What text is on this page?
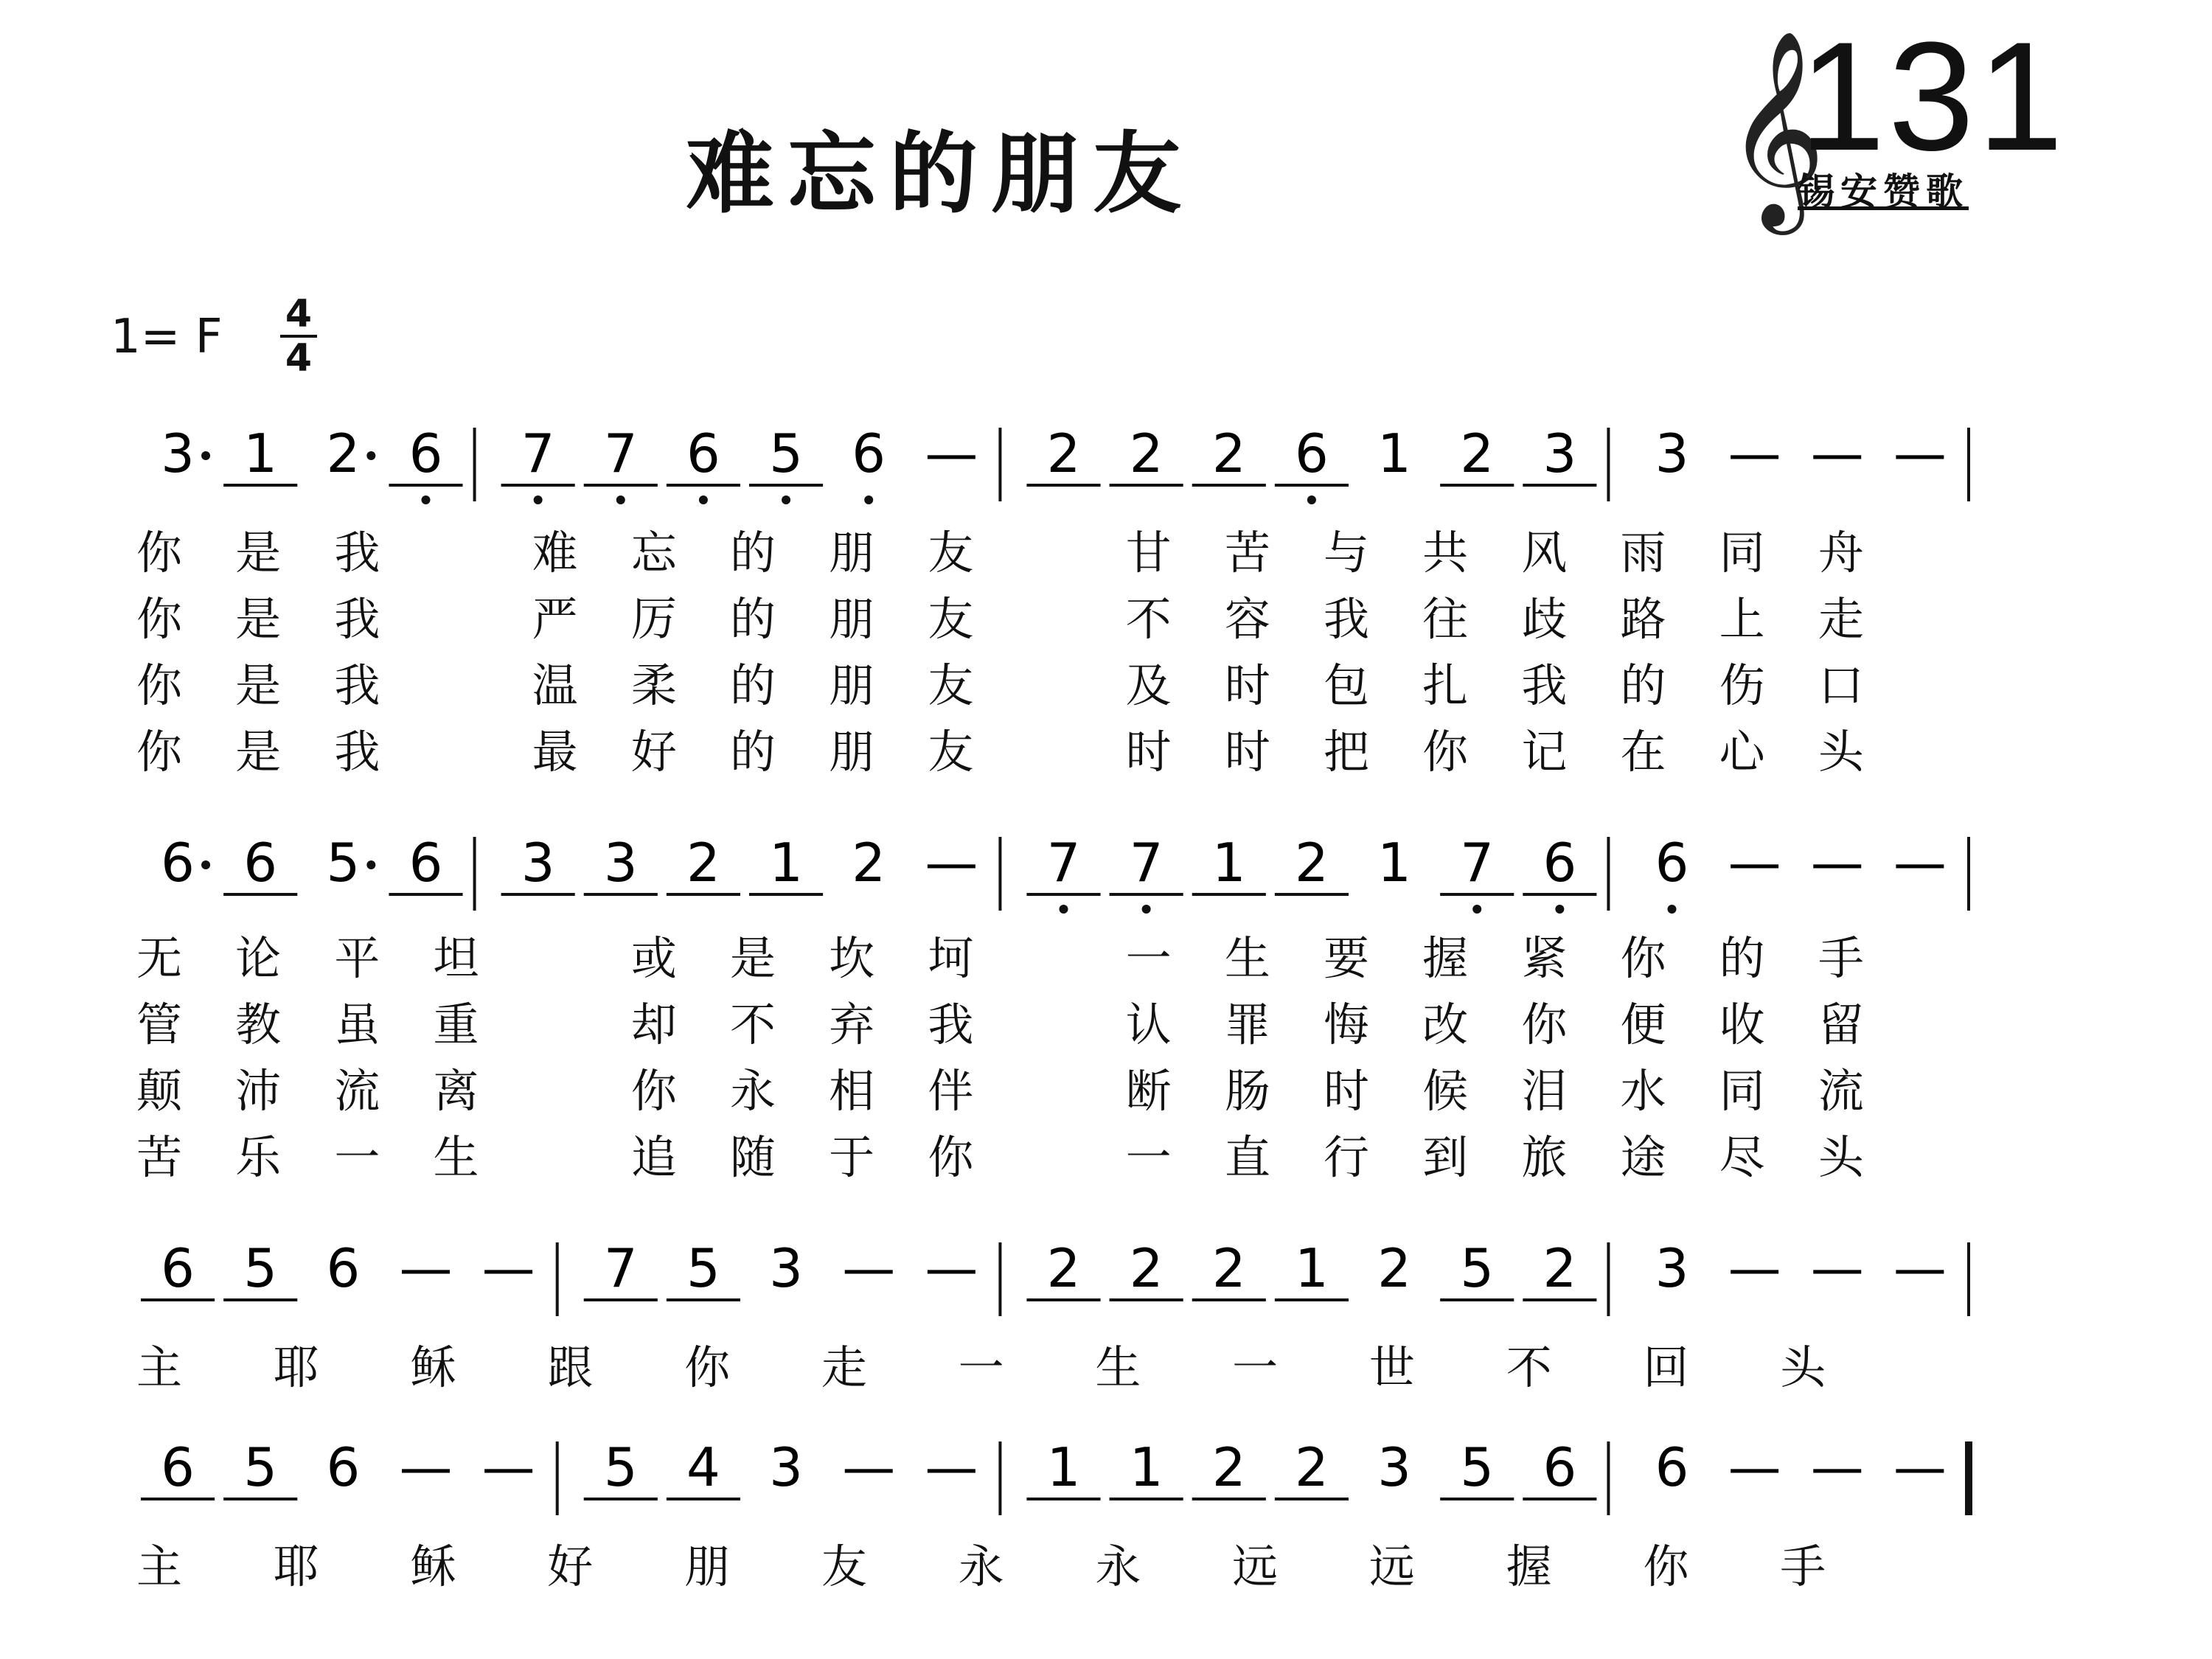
难忘的朋友	𝄞
131
锡安赞歌
1= F 4
4
3 1 2 6 7 7 6 5 6 — 2 2 2 6 1 2 3 3 — — —
6 6 5 6 3 3 2 1 2 — 7 7 1 2 1 7 6 6 — — —
6 5 6 — — 7 5 3 — — 2 2 2 1 2 5 2 3 — — —
6 5 6 — — 5 4 3 — — 1 1 2 2 3 5 6 6 — — —
你 是 我	难 忘 的 朋 友	甘 苦 与 共 风 雨 同 舟
你 是 我	严 厉 的 朋 友	不 容 我 往 歧 路 上 走
你 是 我	温 柔 的 朋 友	及 时 包 扎 我 的 伤 口
你 是 我	最 好 的 朋 友	时 时 把 你 记 在 心 头
无 论 平 坦	或 是 坎 坷	一 生 要 握 紧 你 的 手
管 教 虽 重	却 不 弃 我	认 罪 悔 改 你 便 收 留
颠 沛 流 离	你 永 相 伴	断 肠 时 候 泪 水 同 流
苦 乐 一 生	追 随 于 你	一 直 行 到 旅 途 尽 头
主 耶 稣 跟 你 走 一 生 一 世 不 回 头
主 耶 稣 好 朋 友 永 永 远 远 握 你 手
